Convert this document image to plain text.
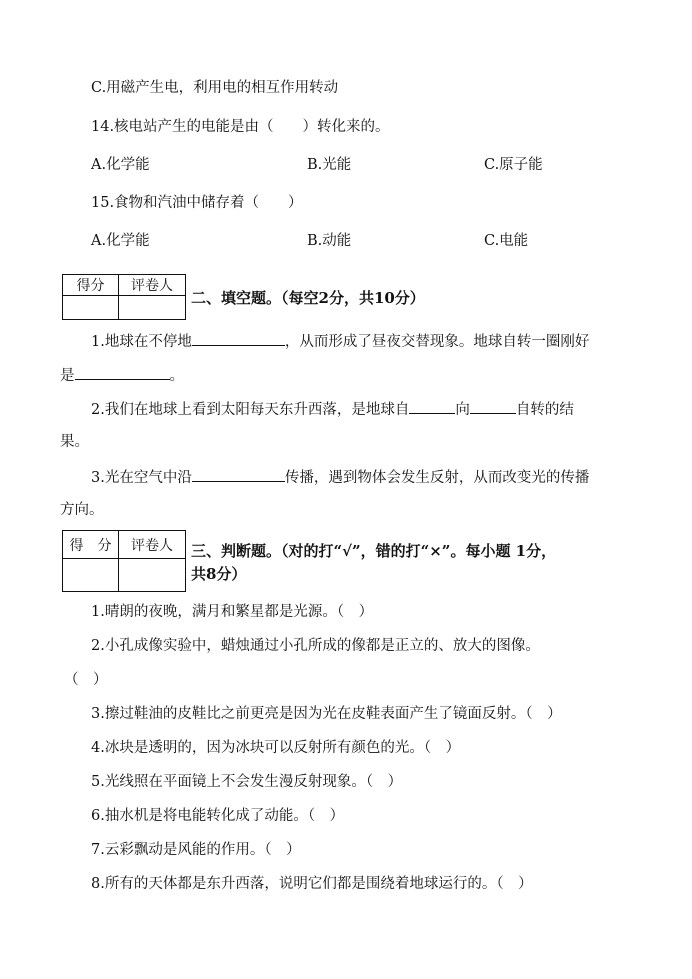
C.用磁产生电，利用电的相互作用转动
14.核电站产生的电能是由（　　）转化来的。
A.化学能	B.光能	C.原子能
15.食物和汽油中储存着（　　）
A.化学能	B.动能	C.电能
得分	评卷人

二、填空题。（每空2分，共10分）
1.地球在不停地	，从而形成了昼夜交替现象。地球自转一圈刚好
是	。
2.我们在地球上看到太阳每天东升西落，是地球自	向	自转的结
果。
3.光在空气中沿	传播，遇到物体会发生反射，从而改变光的传播
方向。
得　分	评卷人
	三、判断题。（对的打“√”，错的打“×”。每小题 1分，
共8分）
1.晴朗的夜晚，满月和繁星都是光源。（　）
2.小孔成像实验中，蜡烛通过小孔所成的像都是正立的、放大的图像。
（　）
3.擦过鞋油的皮鞋比之前更亮是因为光在皮鞋表面产生了镜面反射。（　）
4.冰块是透明的，因为冰块可以反射所有颜色的光。（　）
5.光线照在平面镜上不会发生漫反射现象。（　）
6.抽水机是将电能转化成了动能。（　）
7.云彩飘动是风能的作用。（　）
8.所有的天体都是东升西落，说明它们都是围绕着地球运行的。（　）
